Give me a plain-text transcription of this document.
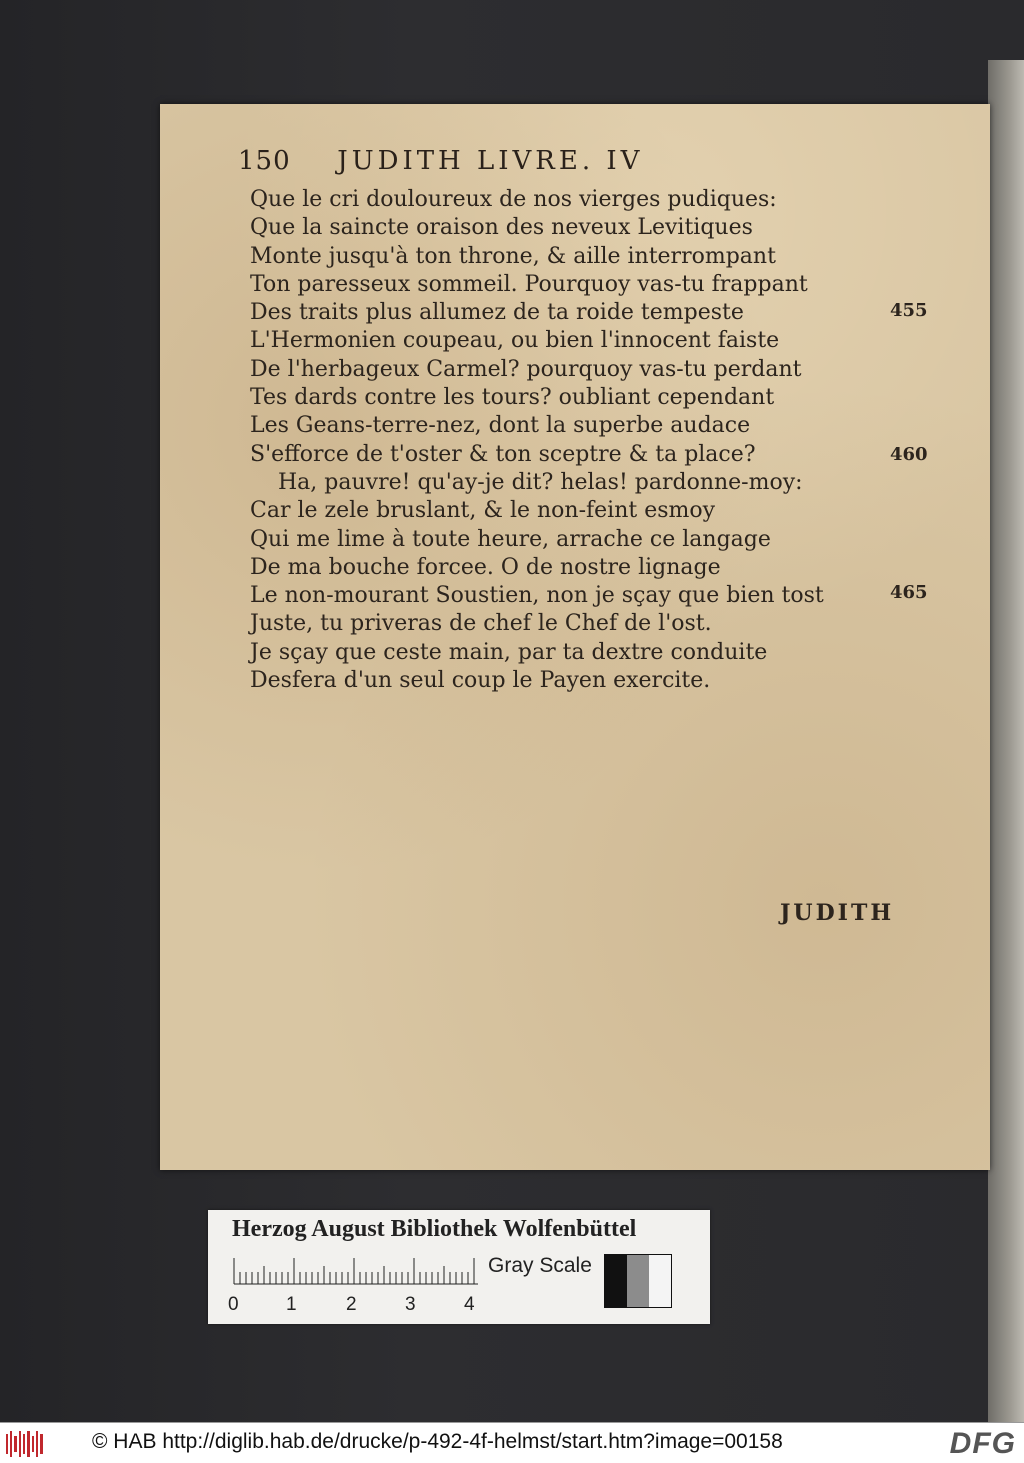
150 JUDITH LIVRE. IV
Que le cri douloureux de nos vierges pudiques:
Que la saincte oraison des neveux Levitiques
Monte jusqu'à ton throne, & aille interrompant
Ton paresseux sommeil. Pourquoy vas-tu frappant
Des traits plus allumez de ta roide tempeste
L'Hermonien coupeau, ou bien l'innocent faiste
De l'herbageux Carmel? pourquoy vas-tu perdant
Tes dards contre les tours? oubliant cependant
Les Geans-terre-nez, dont la superbe audace
S'efforce de t'oster & ton sceptre & ta place?
Ha, pauvre! qu'ay-je dit? helas! pardonne-moy:
Car le zele bruslant, & le non-feint esmoy
Qui me lime à toute heure, arrache ce langage
De ma bouche forcee. O de nostre lignage
Le non-mourant Soustien, non je sçay que bien tost
Juste, tu priveras de chef le Chef de l'ost.
Je sçay que ceste main, par ta dextre conduite
Desfera d'un seul coup le Payen exercite.
455
460
465
JUDITH
Herzog August Bibliothek Wolfenbüttel
0 1	2	3	4
Gray Scale
© HAB http://diglib.hab.de/drucke/p-492-4f-helmst/start.htm?image=00158	DFG
